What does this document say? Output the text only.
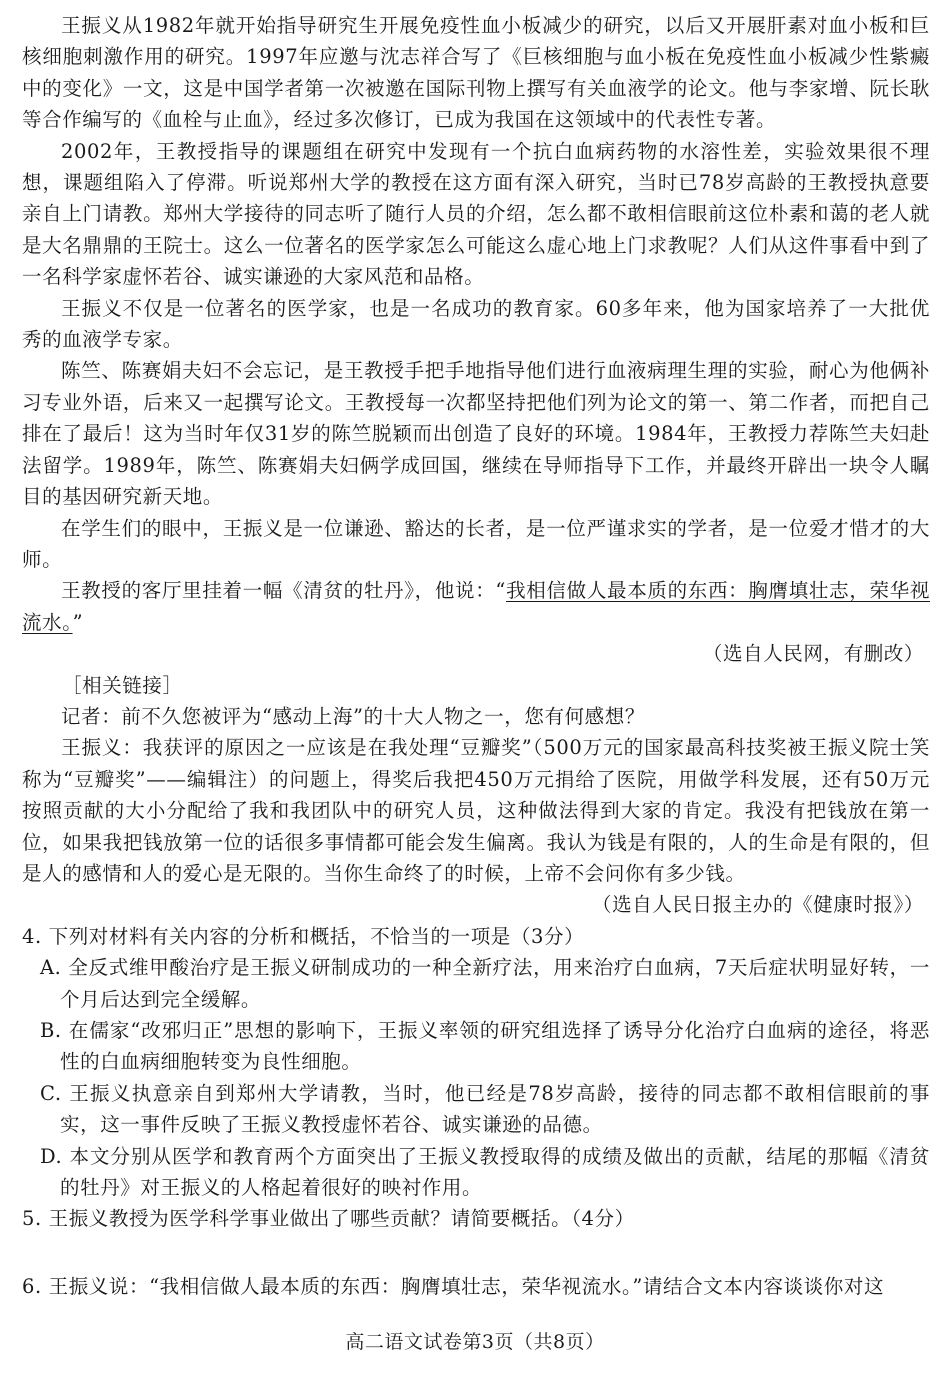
王振义从1982年就开始指导研究生开展免疫性血小板减少的研究，以后又开展肝素对血小板和巨核细胞刺激作用的研究。1997年应邀与沈志祥合写了《巨核细胞与血小板在免疫性血小板减少性紫癜中的变化》一文，这是中国学者第一次被邀在国际刊物上撰写有关血液学的论文。他与李家增、阮长耿等合作编写的《血栓与止血》，经过多次修订，已成为我国在这领域中的代表性专著。

2002年，王教授指导的课题组在研究中发现有一个抗白血病药物的水溶性差，实验效果很不理想，课题组陷入了停滞。听说郑州大学的教授在这方面有深入研究，当时已78岁高龄的王教授执意要亲自上门请教。郑州大学接待的同志听了随行人员的介绍，怎么都不敢相信眼前这位朴素和蔼的老人就是大名鼎鼎的王院士。这么一位著名的医学家怎么可能这么虚心地上门求教呢？人们从这件事看中到了一名科学家虚怀若谷、诚实谦逊的大家风范和品格。

王振义不仅是一位著名的医学家，也是一名成功的教育家。60多年来，他为国家培养了一大批优秀的血液学专家。

陈竺、陈赛娟夫妇不会忘记，是王教授手把手地指导他们进行血液病理生理的实验，耐心为他俩补习专业外语，后来又一起撰写论文。王教授每一次都坚持把他们列为论文的第一、第二作者，而把自己排在了最后！这为当时年仅31岁的陈竺脱颖而出创造了良好的环境。1984年，王教授力荐陈竺夫妇赴法留学。1989年，陈竺、陈赛娟夫妇俩学成回国，继续在导师指导下工作，并最终开辟出一块令人瞩目的基因研究新天地。

在学生们的眼中，王振义是一位谦逊、豁达的长者，是一位严谨求实的学者，是一位爱才惜才的大师。

王教授的客厅里挂着一幅《清贫的牡丹》，他说：“我相信做人最本质的东西：胸膺填壮志，荣华视流水。”

（选自人民网，有删改）

［相关链接］

记者：前不久您被评为“感动上海”的十大人物之一，您有何感想？

王振义：我获评的原因之一应该是在我处理“豆瓣奖”（500万元的国家最高科技奖被王振义院士笑称为“豆瓣奖”——编辑注）的问题上，得奖后我把450万元捐给了医院，用做学科发展，还有50万元按照贡献的大小分配给了我和我团队中的研究人员，这种做法得到大家的肯定。我没有把钱放在第一位，如果我把钱放第一位的话很多事情都可能会发生偏离。我认为钱是有限的，人的生命是有限的，但是人的感情和人的爱心是无限的。当你生命终了的时候，上帝不会问你有多少钱。

（选自人民日报主办的《健康时报》）

4. 下列对材料有关内容的分析和概括，不恰当的一项是（3分）

A. 全反式维甲酸治疗是王振义研制成功的一种全新疗法，用来治疗白血病，7天后症状明显好转，一个月后达到完全缓解。

B. 在儒家“改邪归正”思想的影响下，王振义率领的研究组选择了诱导分化治疗白血病的途径，将恶性的白血病细胞转变为良性细胞。

C. 王振义执意亲自到郑州大学请教，当时，他已经是78岁高龄，接待的同志都不敢相信眼前的事实，这一事件反映了王振义教授虚怀若谷、诚实谦逊的品德。

D. 本文分别从医学和教育两个方面突出了王振义教授取得的成绩及做出的贡献，结尾的那幅《清贫的牡丹》对王振义的人格起着很好的映衬作用。

5. 王振义教授为医学科学事业做出了哪些贡献？请简要概括。（4分）

6. 王振义说：“我相信做人最本质的东西：胸膺填壮志，荣华视流水。”请结合文本内容谈谈你对这

高二语文试卷第3页（共8页）
